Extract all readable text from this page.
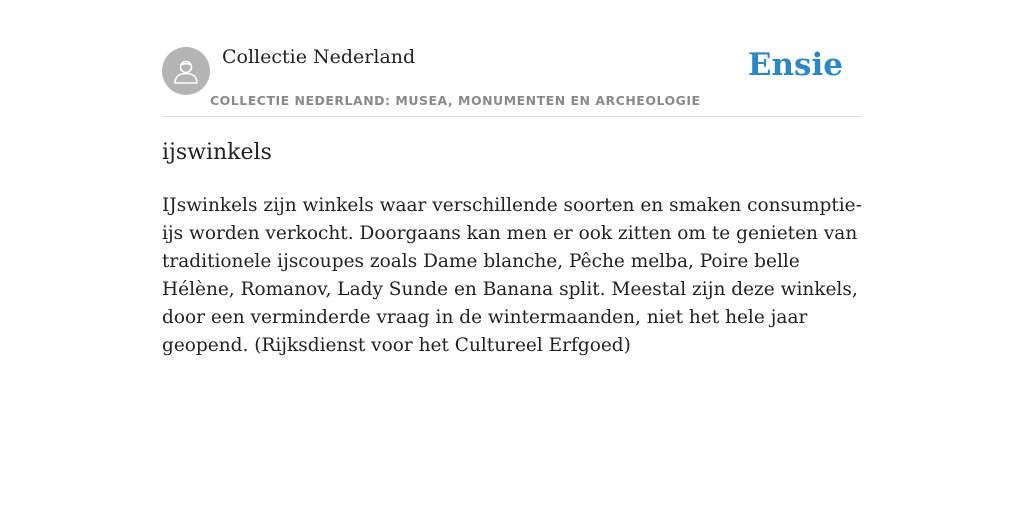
Collectie Nederland
COLLECTIE NEDERLAND: MUSEA, MONUMENTEN EN ARCHEOLOGIE
Ensie
ijswinkels

IJswinkels zijn winkels waar verschillende soorten en smaken consumptie-ijs worden verkocht. Doorgaans kan men er ook zitten om te genieten van traditionele ijscoupes zoals Dame blanche, Pêche melba, Poire belle Hélène, Romanov, Lady Sunde en Banana split. Meestal zijn deze winkels, door een verminderde vraag in de wintermaanden, niet het hele jaar geopend. (Rijksdienst voor het Cultureel Erfgoed)
